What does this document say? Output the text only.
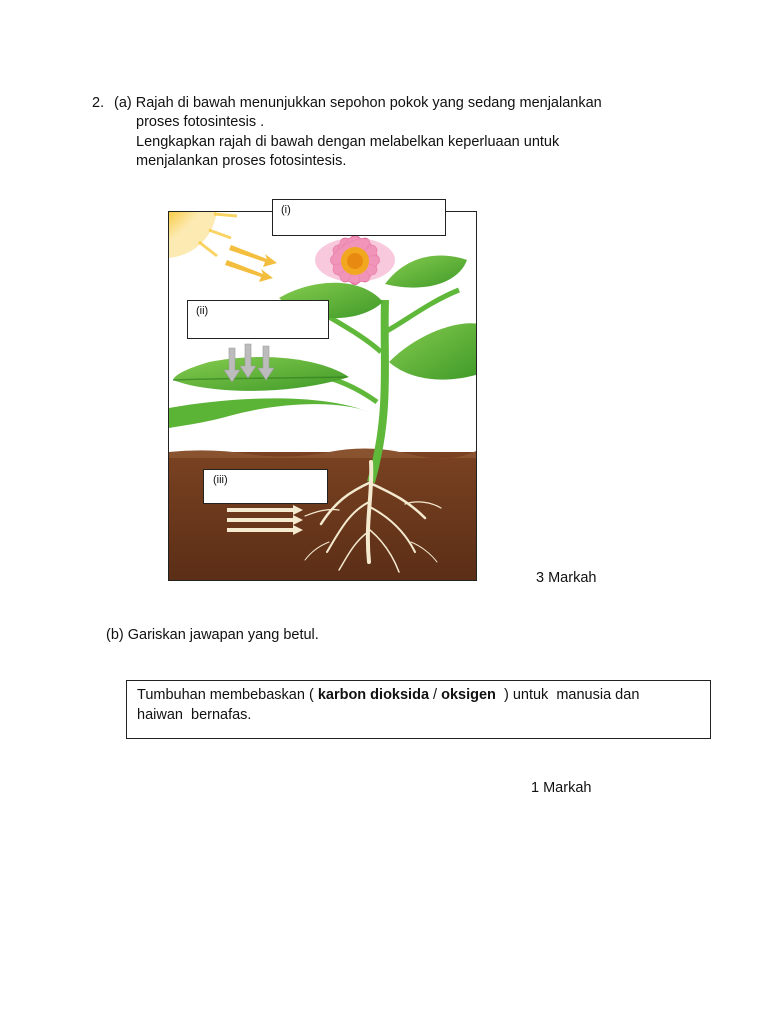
2. (a) Rajah di bawah menunjukkan sepohon pokok yang sedang menjalankan
proses fotosintesis .
Lengkapkan rajah di bawah dengan melabelkan keperluaan untuk
menjalankan proses fotosintesis.
(i)
(ii)
(iii)
3 Markah
(b) Gariskan jawapan yang betul.
Tumbuhan membebaskan ( karbon dioksida / oksigen  ) untuk  manusia dan
haiwan  bernafas.
1 Markah
